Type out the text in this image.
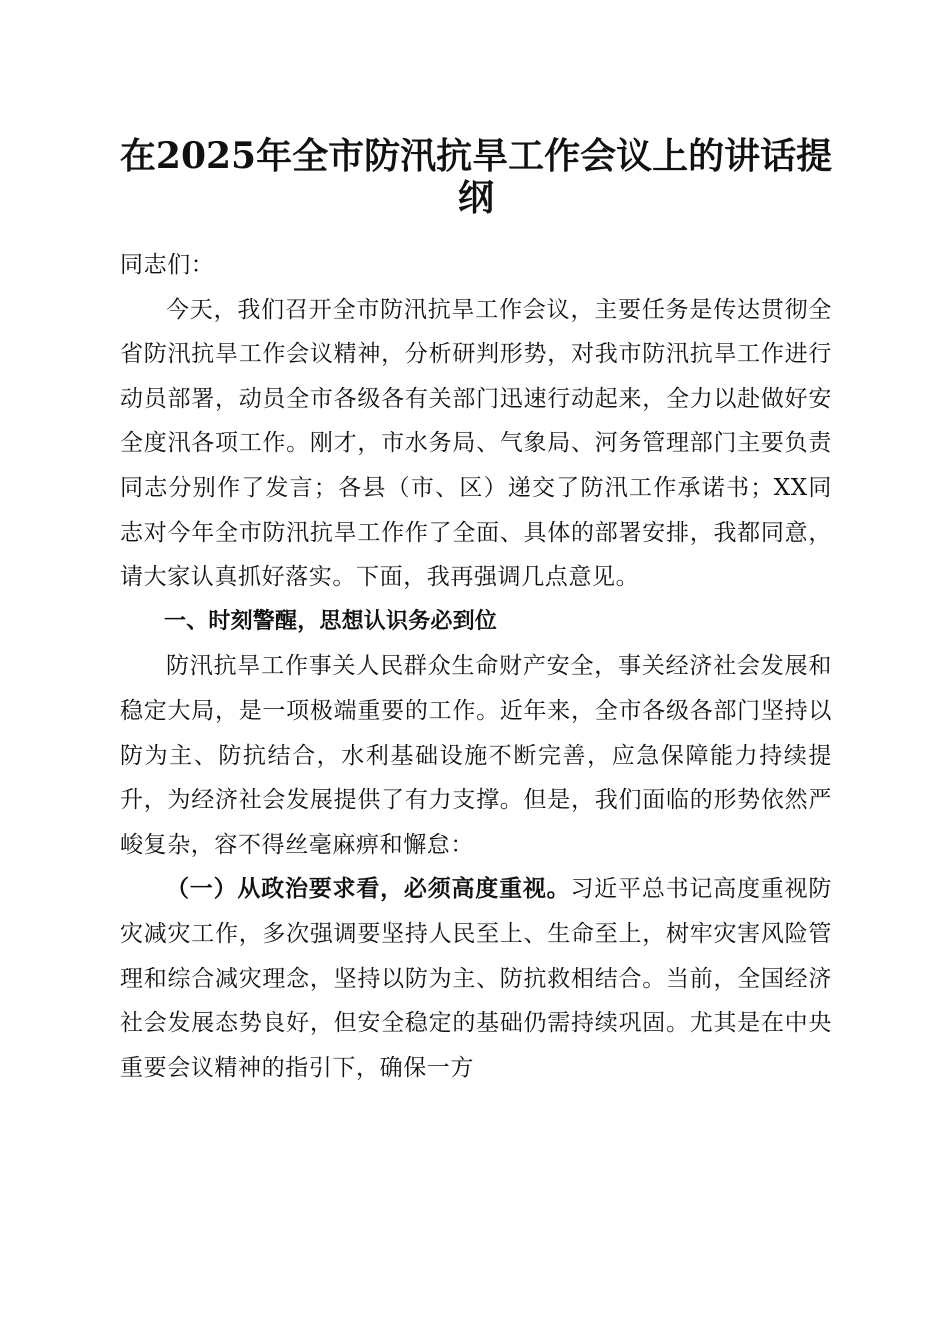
在2025年全市防汛抗旱工作会议上的讲话提纲

同志们：

今天，我们召开全市防汛抗旱工作会议，主要任务是传达贯彻全省防汛抗旱工作会议精神，分析研判形势，对我市防汛抗旱工作进行动员部署，动员全市各级各有关部门迅速行动起来，全力以赴做好安全度汛各项工作。刚才，市水务局、气象局、河务管理部门主要负责同志分别作了发言；各县（市、区）递交了防汛工作承诺书；XX同志对今年全市防汛抗旱工作作了全面、具体的部署安排，我都同意，请大家认真抓好落实。下面，我再强调几点意见。

一、时刻警醒，思想认识务必到位

防汛抗旱工作事关人民群众生命财产安全，事关经济社会发展和稳定大局，是一项极端重要的工作。近年来，全市各级各部门坚持以防为主、防抗结合，水利基础设施不断完善，应急保障能力持续提升，为经济社会发展提供了有力支撑。但是，我们面临的形势依然严峻复杂，容不得丝毫麻痹和懈怠：

（一）从政治要求看，必须高度重视。习近平总书记高度重视防灾减灾工作，多次强调要坚持人民至上、生命至上，树牢灾害风险管理和综合减灾理念，坚持以防为主、防抗救相结合。当前，全国经济社会发展态势良好，但安全稳定的基础仍需持续巩固。尤其是在中央重要会议精神的指引下，确保一方
